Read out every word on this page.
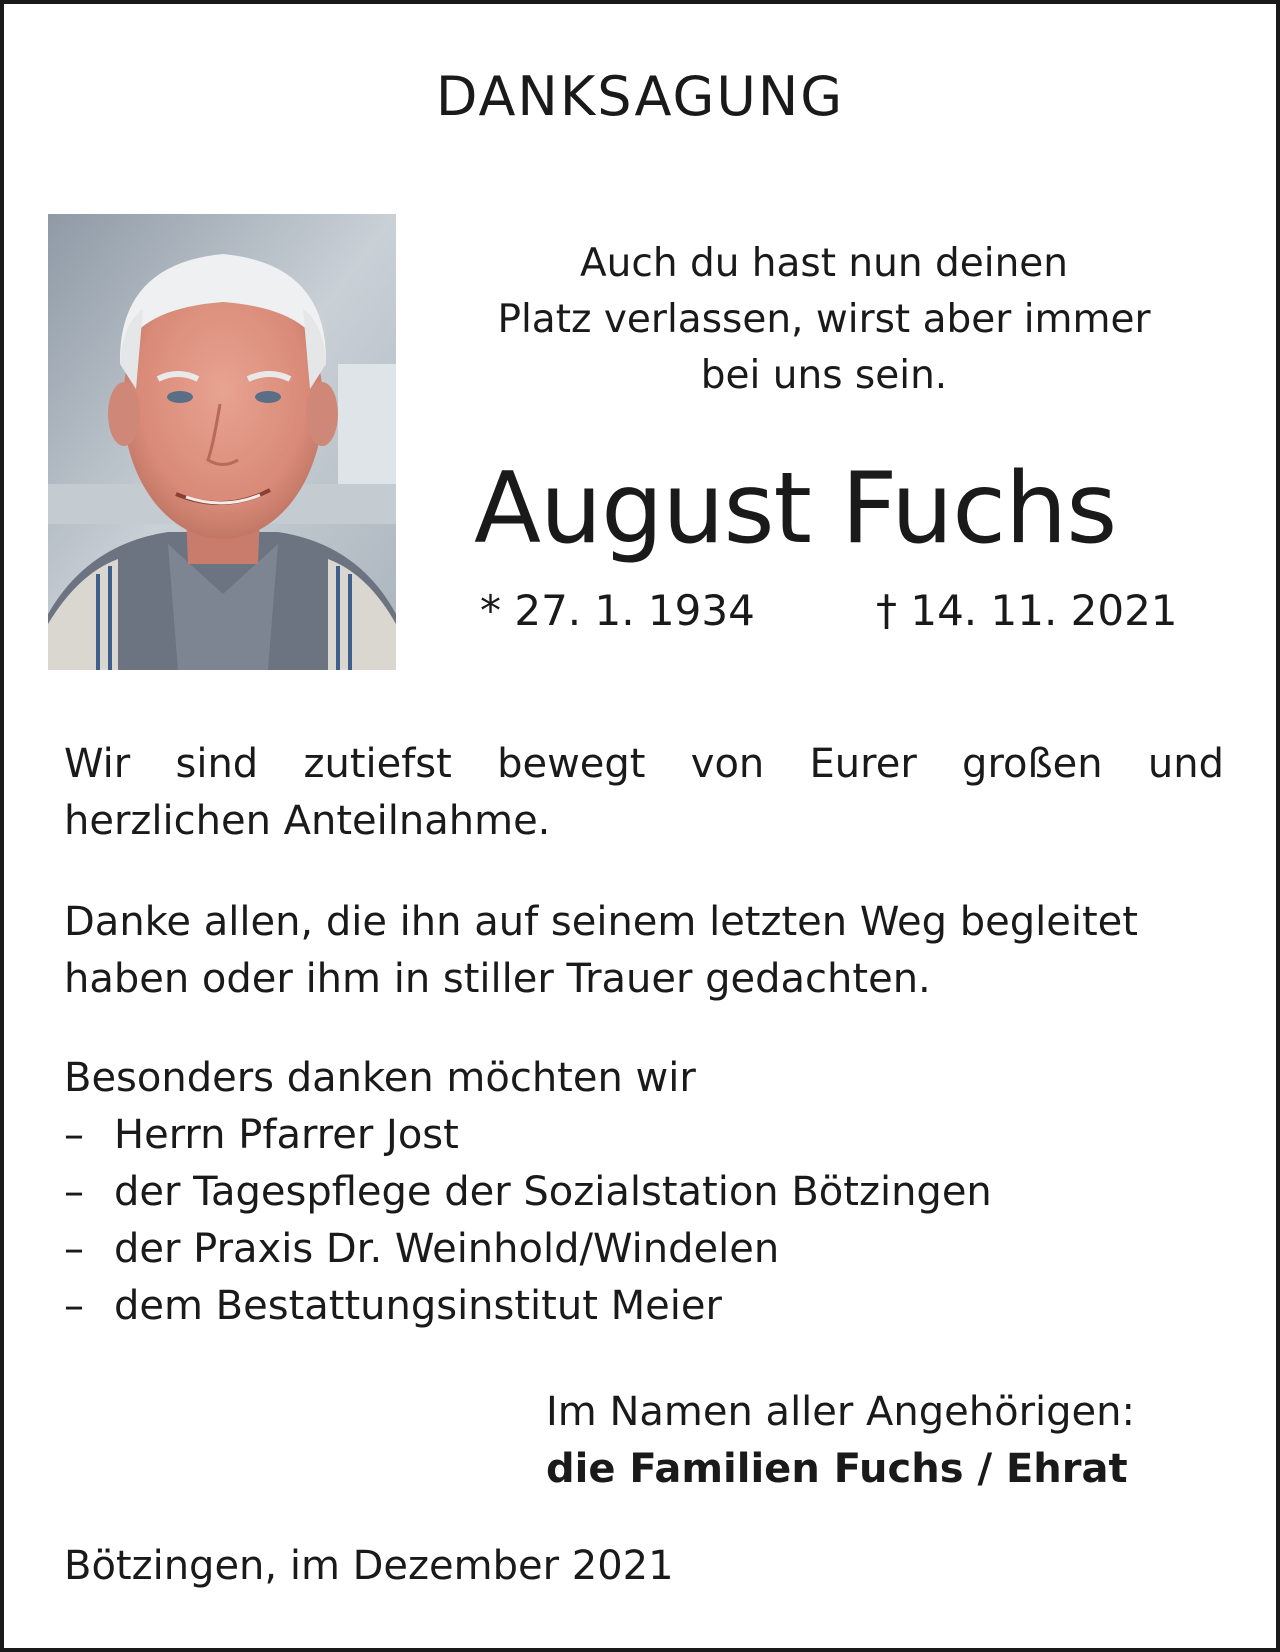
DANKSAGUNG
Auch du hast nun deinen
Platz verlassen, wirst aber immer
bei uns sein.
August Fuchs
* 27. 1. 1934	† 14. 11. 2021
Wir sind zutiefst bewegt von Eurer großen und
herzlichen Anteilnahme.
Danke allen, die ihn auf seinem letzten Weg begleitet
haben oder ihm in stiller Trauer gedachten.
Besonders danken möchten wir
– Herrn Pfarrer Jost
– der Tagespflege der Sozialstation Bötzingen
– der Praxis Dr. Weinhold/Windelen
– dem Bestattungsinstitut Meier
Im Namen aller Angehörigen:
die Familien Fuchs / Ehrat
Bötzingen, im Dezember 2021
